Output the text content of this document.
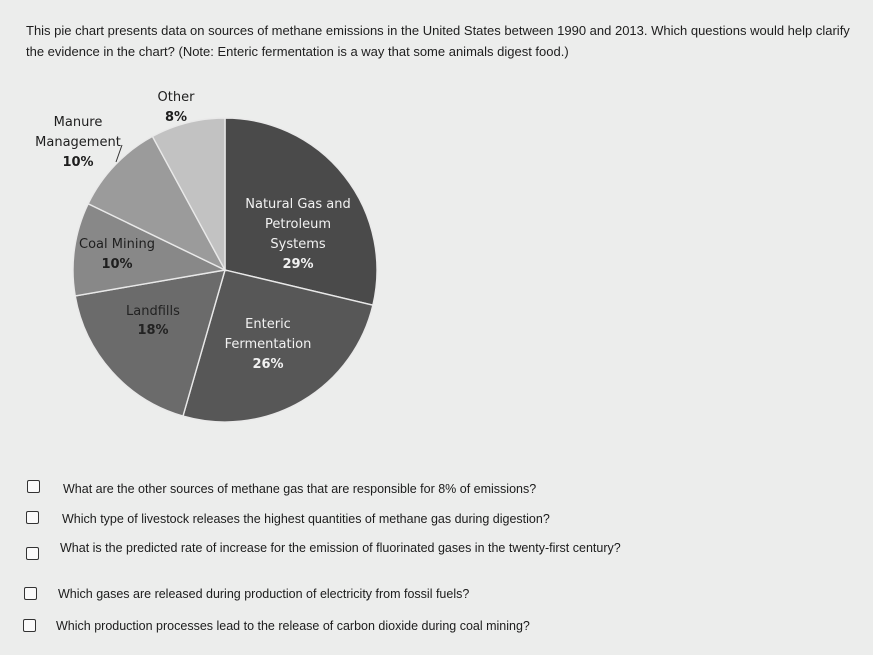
This pie chart presents data on sources of methane emissions in the United States between 1990 and 2013. Which questions would help clarify the evidence in the chart? (Note: Enteric fermentation is a way that some animals digest food.)
Natural Gas and Petroleum Systems 29%
Enteric Fermentation 26%
Landfills 18%
Coal Mining 10%
Manure Management 10%
Other 8%
What are the other sources of methane gas that are responsible for 8% of emissions?
Which type of livestock releases the highest quantities of methane gas during digestion?
What is the predicted rate of increase for the emission of fluorinated gases in the twenty-first century?
Which gases are released during production of electricity from fossil fuels?
Which production processes lead to the release of carbon dioxide during coal mining?
